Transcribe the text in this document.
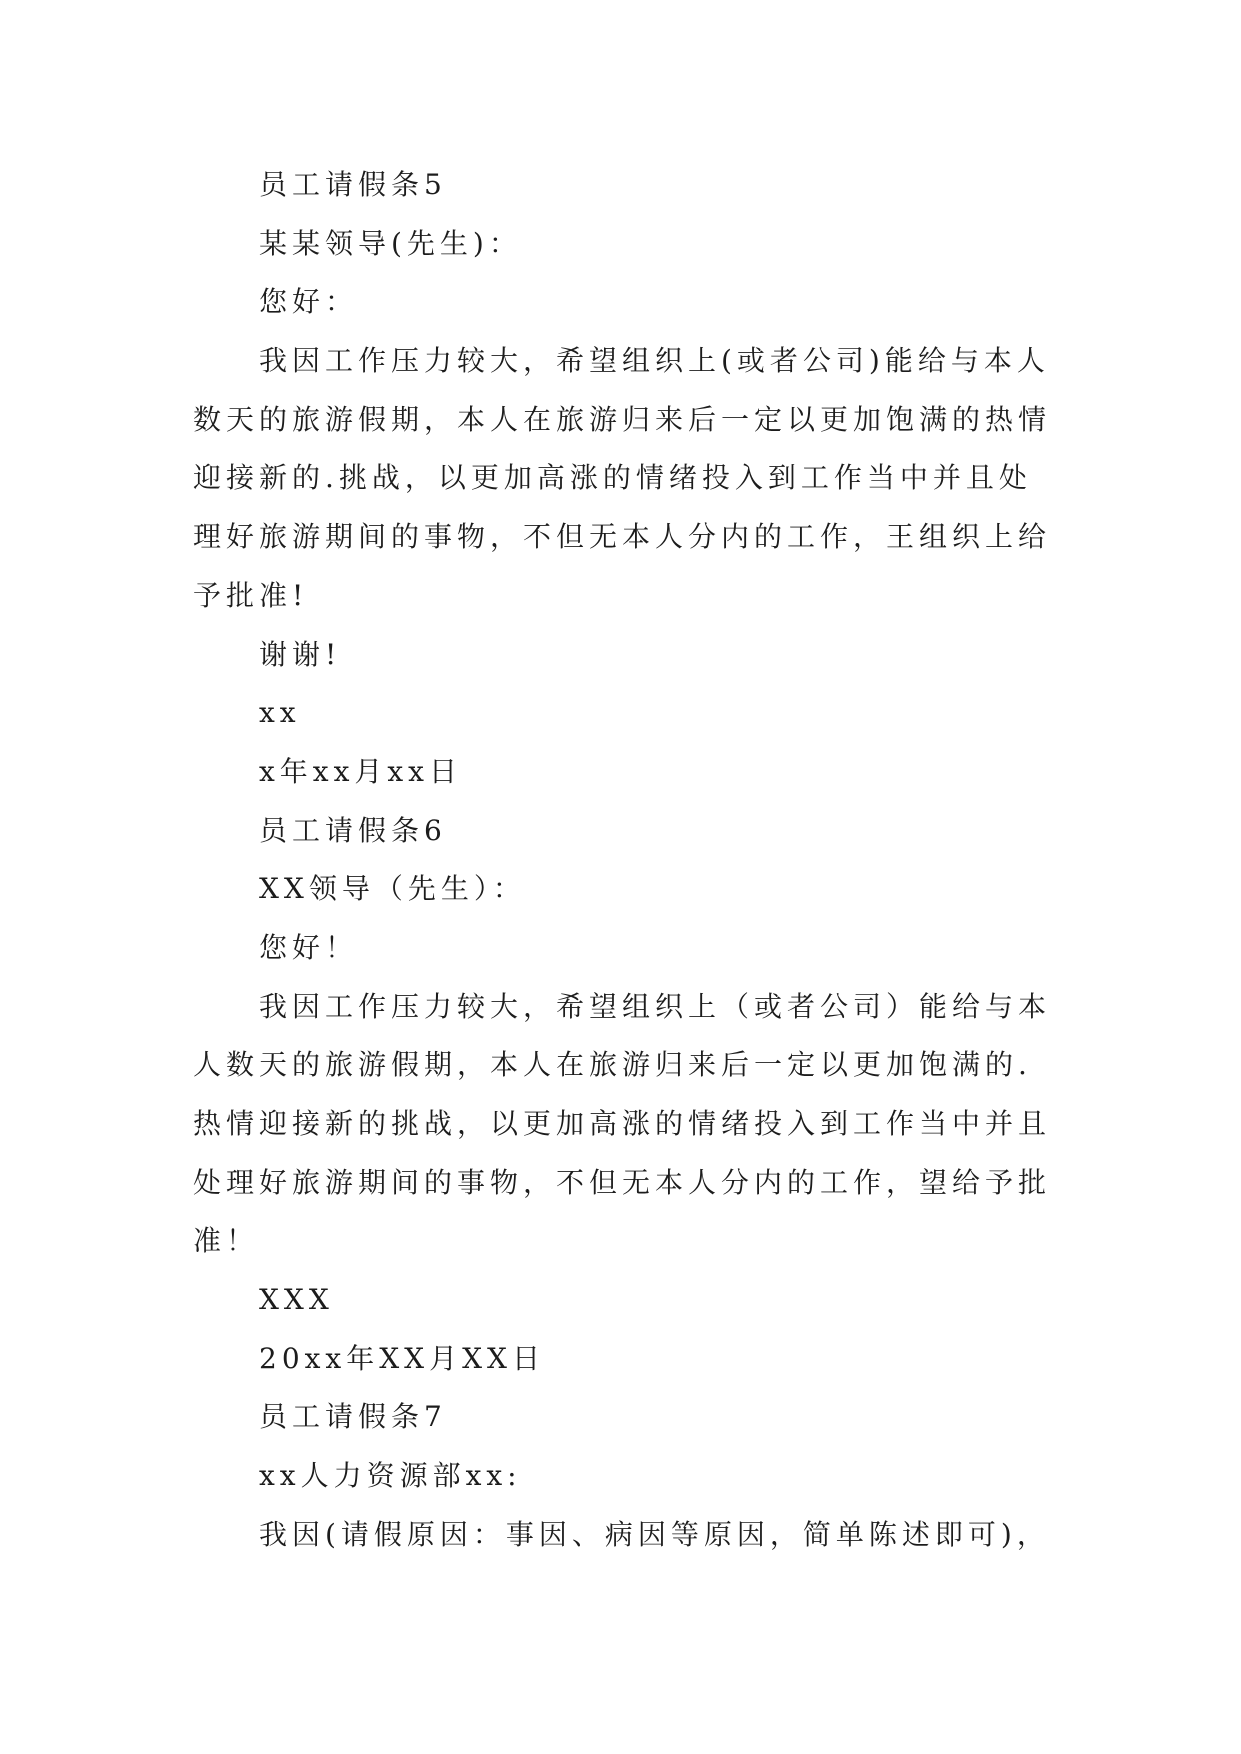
员工请假条5
某某领导(先生)：
您好：
我因工作压力较大，希望组织上(或者公司)能给与本人
数天的旅游假期，本人在旅游归来后一定以更加饱满的热情
迎接新的.挑战，以更加高涨的情绪投入到工作当中并且处
理好旅游期间的事物，不但无本人分内的工作，王组织上给
予批准!
谢谢!
xx
x年xx月xx日
员工请假条6
XX领导（先生）：
您好！
我因工作压力较大，希望组织上（或者公司）能给与本
人数天的旅游假期，本人在旅游归来后一定以更加饱满的.
热情迎接新的挑战，以更加高涨的情绪投入到工作当中并且
处理好旅游期间的事物，不但无本人分内的工作，望给予批
准！
XXX
20xx年XX月XX日
员工请假条7
xx人力资源部xx:
我因(请假原因：事因、病因等原因，简单陈述即可)，
